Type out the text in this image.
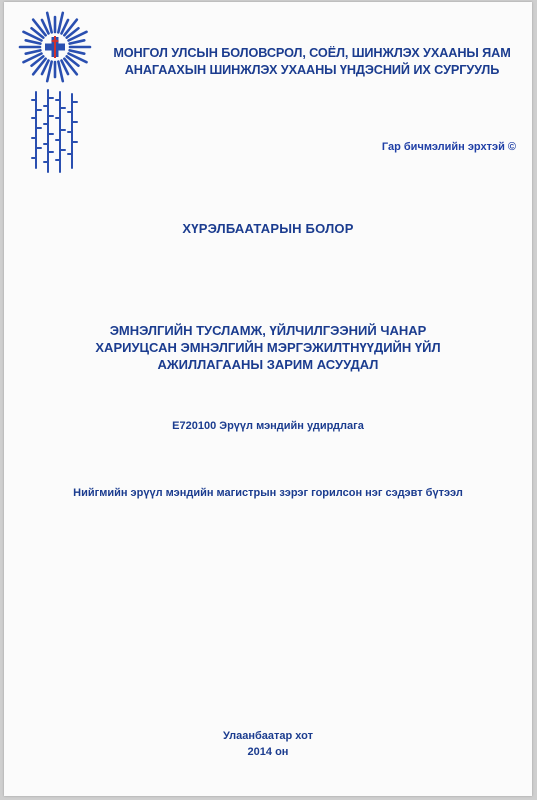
МОНГОЛ УЛСЫН БОЛОВСРОЛ, СОЁЛ, ШИНЖЛЭХ УХААНЫ ЯАМ
АНАГААХЫН ШИНЖЛЭХ УХААНЫ ҮНДЭСНИЙ ИХ СУРГУУЛЬ
Гар бичмэлийн эрхтэй ©
ХҮРЭЛБААТАРЫН БОЛОР
ЭМНЭЛГИЙН ТУСЛАМЖ, ҮЙЛЧИЛГЭЭНИЙ ЧАНАР
ХАРИУЦСАН ЭМНЭЛГИЙН МЭРГЭЖИЛТНҮҮДИЙН ҮЙЛ
АЖИЛЛАГААНЫ ЗАРИМ АСУУДАЛ
E720100 Эрүүл мэндийн удирдлага
Нийгмийн эрүүл мэндийн магистрын зэрэг горилсон нэг сэдэвт бүтээл
Улаанбаатар хот
2014 он
